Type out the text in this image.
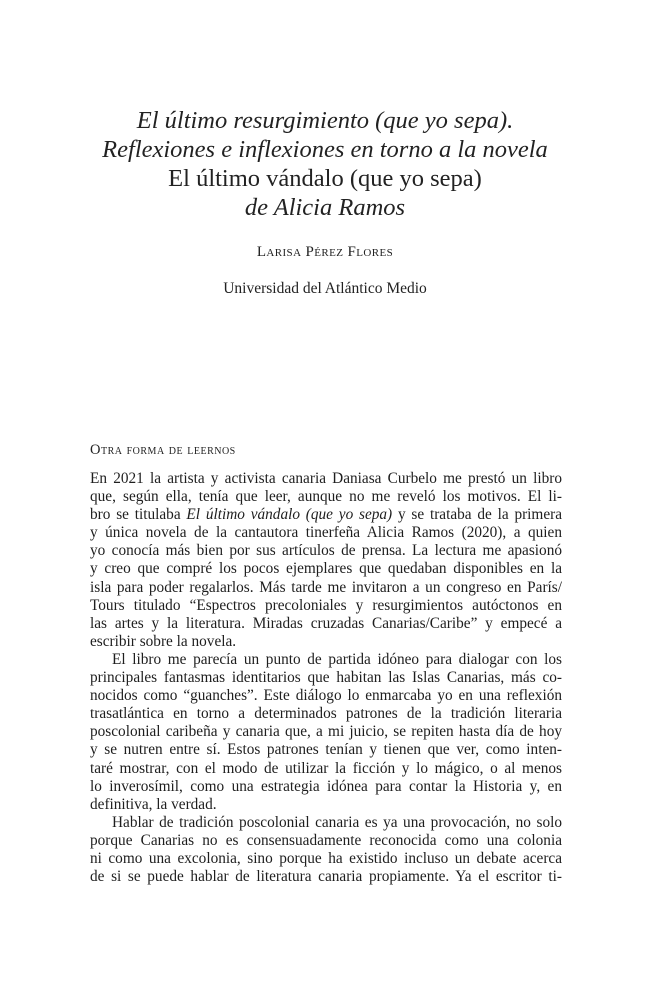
El último resurgimiento (que yo sepa).
Reflexiones e inflexiones en torno a la novela
El último vándalo (que yo sepa)
de Alicia Ramos
Larisa Pérez Flores
Universidad del Atlántico Medio
Otra forma de leernos
En 2021 la artista y activista canaria Daniasa Curbelo me prestó un libro
que, según ella, tenía que leer, aunque no me reveló los motivos. El li-
bro se titulaba El último vándalo (que yo sepa) y se trataba de la primera
y única novela de la cantautora tinerfeña Alicia Ramos (2020), a quien
yo conocía más bien por sus artículos de prensa. La lectura me apasionó
y creo que compré los pocos ejemplares que quedaban disponibles en la
isla para poder regalarlos. Más tarde me invitaron a un congreso en París/
Tours titulado “Espectros precoloniales y resurgimientos autóctonos en
las artes y la literatura. Miradas cruzadas Canarias/Caribe” y empecé a
escribir sobre la novela.
El libro me parecía un punto de partida idóneo para dialogar con los
principales fantasmas identitarios que habitan las Islas Canarias, más co-
nocidos como “guanches”. Este diálogo lo enmarcaba yo en una reflexión
trasatlántica en torno a determinados patrones de la tradición literaria
poscolonial caribeña y canaria que, a mi juicio, se repiten hasta día de hoy
y se nutren entre sí. Estos patrones tenían y tienen que ver, como inten-
taré mostrar, con el modo de utilizar la ficción y lo mágico, o al menos
lo inverosímil, como una estrategia idónea para contar la Historia y, en
definitiva, la verdad.
Hablar de tradición poscolonial canaria es ya una provocación, no solo
porque Canarias no es consensuadamente reconocida como una colonia
ni como una excolonia, sino porque ha existido incluso un debate acerca
de si se puede hablar de literatura canaria propiamente. Ya el escritor ti-
